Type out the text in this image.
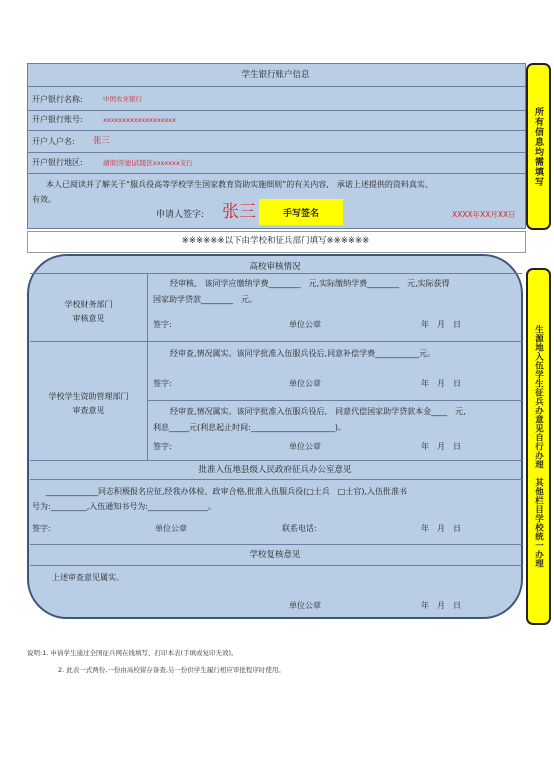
学生银行账户信息
开户银行名称:	中国农业银行
开户银行账号:	xxxxxxxxxxxxxxxxxxx
开户人户名: 张三
开户银行地区:	湖南|常德|武陵区xxxxxxx支行
本人已阅读并了解关于“服兵役高等学校学生国家教育资助实施细则”的有关内容,　承诺上述提供的资料真实、
有效。
申请人签字: 张三	手写签名	XXXX年XX月XX日
※※※※※※以下由学校和征兵部门填写※※※※※※
高校审核情况
学校财务部门
审核意见
经审核,　该同学应缴纳学费________　元,实际缴纳学费________　元,实际获得
国家助学贷款________　元。
签字:	单位公章	年　月　日
学校学生资助管理部门
审查意见
经审查,情况属实。该同学批准入伍服兵役后,同意补偿学费___________元。
签字:	单位公章	年　月　日
经审查,情况属实。该同学批准入伍服兵役后,　同意代偿国家助学贷款本金____　元,
利息_____元(利息起止时间:_____________________)。
签字:	单位公章	年　月　日
批准入伍地县级人民政府征兵办公室意见
_____________同志积极报名应征,经我办体检、政审合格,批准入伍服兵役(□士兵　□士官),入伍批准书
号为:_________,入伍通知书号为:_______________。
签字:	单位公章	联系电话:	年　月　日
学校复核意见
上述审查意见属实。
单位公章	年　月　日
所有信息均需填写
生源地入伍学生征兵办意见自行办理　其他栏目学校统一办理
说明:1. 申请学生通过全国征兵网在线填写、打印本表(手填或复印无效)。
2. 此表一式两份,一份由高校留存备查,另一份供学生履行相应审批程序时使用。
